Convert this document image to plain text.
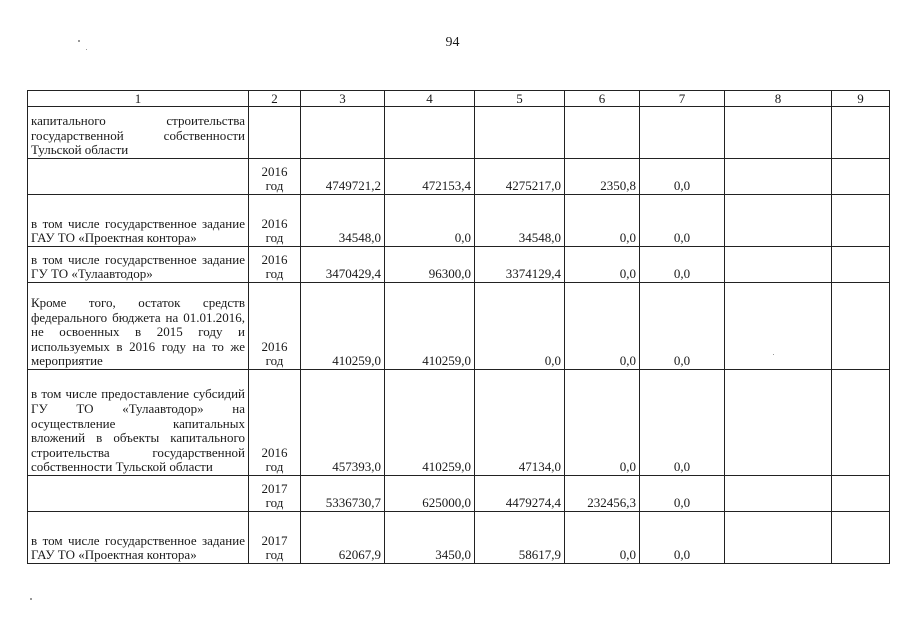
94
1	2	3	4	5	6	7	8	9
капитального строительства государственной собственности Тульской области								
	2016 год	4749721,2	472153,4	4275217,0	2350,8	0,0		
в том числе государственное задание ГАУ ТО «Проектная контора»	2016 год	34548,0	0,0	34548,0	0,0	0,0		
в том числе государственное задание ГУ ТО «Тулаавтодор»	2016 год	3470429,4	96300,0	3374129,4	0,0	0,0		
Кроме того, остаток средств федерального бюджета на 01.01.2016, не освоенных в 2015 году и используемых в 2016 году на то же мероприятие	2016 год	410259,0	410259,0	0,0	0,0	0,0		
в том числе предоставление субсидий ГУ ТО «Тулаавтодор» на осуществление капитальных вложений в объекты капитального строительства государственной собственности Тульской области	2016 год	457393,0	410259,0	47134,0	0,0	0,0		
	2017 год	5336730,7	625000,0	4479274,4	232456,3	0,0		
в том числе государственное задание ГАУ ТО «Проектная контора»	2017 год	62067,9	3450,0	58617,9	0,0	0,0		
